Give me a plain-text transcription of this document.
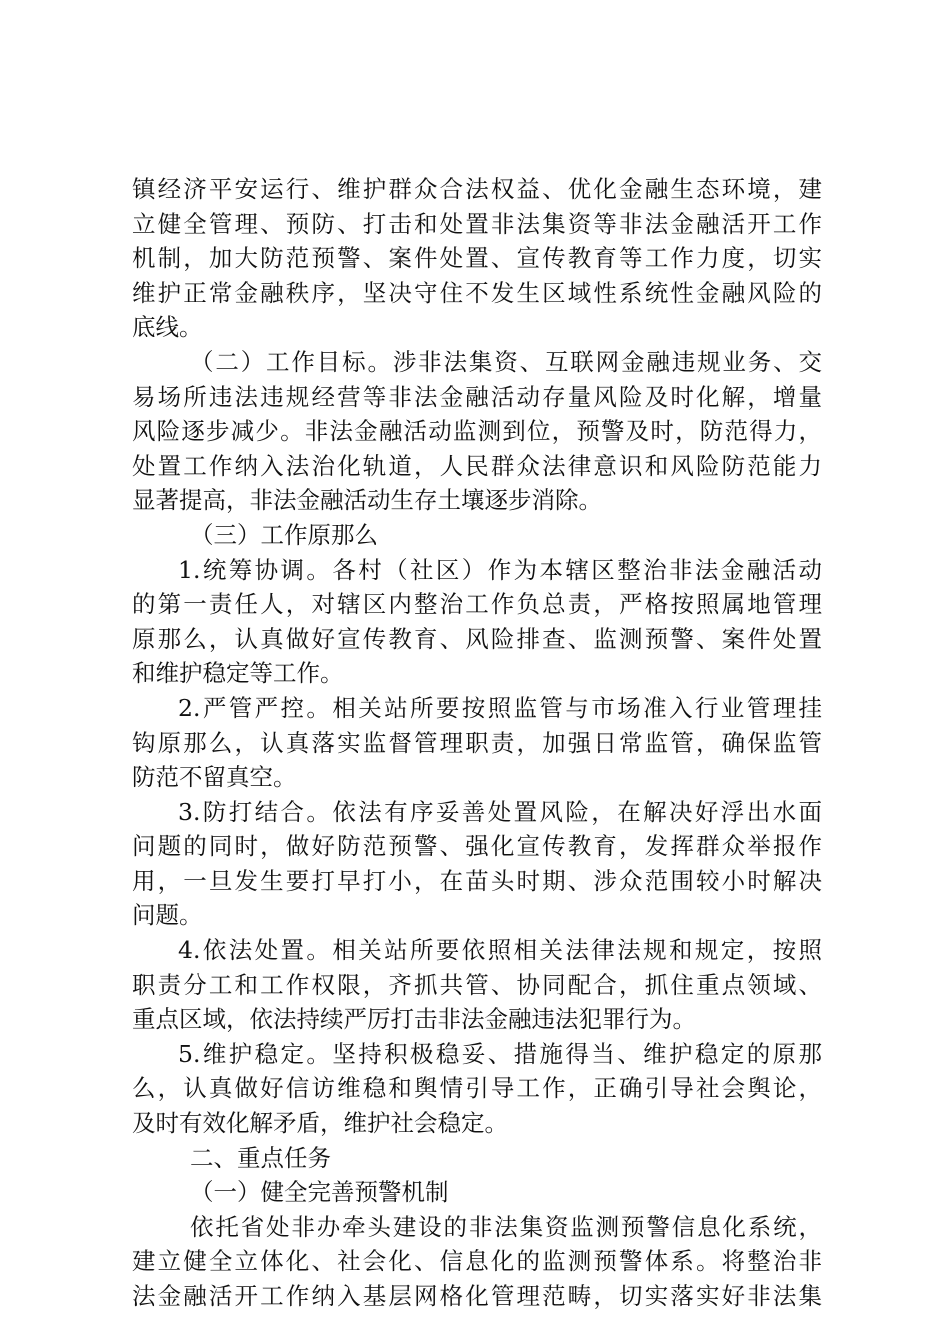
镇经济平安运行、维护群众合法权益、优化金融生态环境，建
立健全管理、预防、打击和处置非法集资等非法金融活开工作
机制，加大防范预警、案件处置、宣传教育等工作力度，切实
维护正常金融秩序，坚决守住不发生区域性系统性金融风险的
底线。
（二）工作目标。涉非法集资、互联网金融违规业务、交
易场所违法违规经营等非法金融活动存量风险及时化解，增量
风险逐步减少。非法金融活动监测到位，预警及时，防范得力，
处置工作纳入法治化轨道，人民群众法律意识和风险防范能力
显著提高，非法金融活动生存土壤逐步消除。
（三）工作原那么
1.统筹协调。各村（社区）作为本辖区整治非法金融活动
的第一责任人，对辖区内整治工作负总责，严格按照属地管理
原那么，认真做好宣传教育、风险排查、监测预警、案件处置
和维护稳定等工作。
2.严管严控。相关站所要按照监管与市场准入行业管理挂
钩原那么，认真落实监督管理职责，加强日常监管，确保监管
防范不留真空。
3.防打结合。依法有序妥善处置风险，在解决好浮出水面
问题的同时，做好防范预警、强化宣传教育，发挥群众举报作
用，一旦发生要打早打小，在苗头时期、涉众范围较小时解决
问题。
4.依法处置。相关站所要依照相关法律法规和规定，按照
职责分工和工作权限，齐抓共管、协同配合，抓住重点领域、
重点区域，依法持续严厉打击非法金融违法犯罪行为。
5.维护稳定。坚持积极稳妥、措施得当、维护稳定的原那
么，认真做好信访维稳和舆情引导工作，正确引导社会舆论，
及时有效化解矛盾，维护社会稳定。
二、重点任务
（一）健全完善预警机制
依托省处非办牵头建设的非法集资监测预警信息化系统，
建立健全立体化、社会化、信息化的监测预警体系。将整治非
法金融活开工作纳入基层网格化管理范畴，切实落实好非法集
